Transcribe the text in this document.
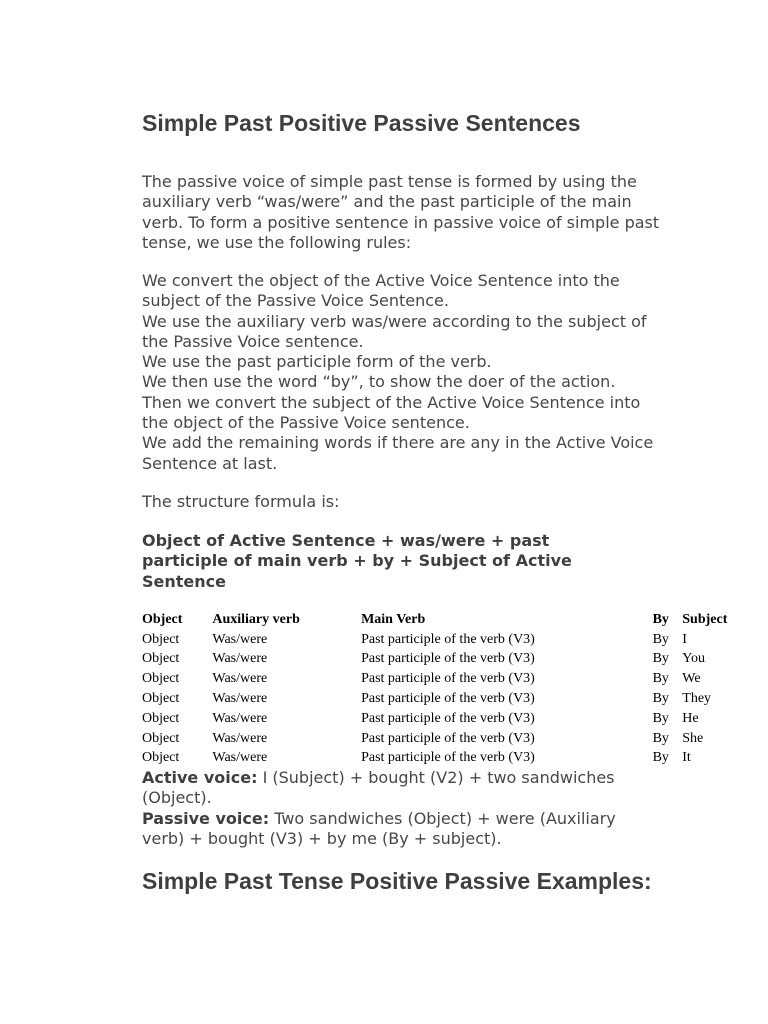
Simple Past Positive Passive Sentences

The passive voice of simple past tense is formed by using the auxiliary verb “was/were” and the past participle of the main verb. To form a positive sentence in passive voice of simple past tense, we use the following rules:

We convert the object of the Active Voice Sentence into the subject of the Passive Voice Sentence.
We use the auxiliary verb was/were according to the subject of the Passive Voice sentence.
We use the past participle form of the verb.
We then use the word “by”, to show the doer of the action.
Then we convert the subject of the Active Voice Sentence into the object of the Passive Voice sentence.
We add the remaining words if there are any in the Active Voice Sentence at last.

The structure formula is:

Object of Active Sentence + was/were + past participle of main verb + by + Subject of Active Sentence

Object	Auxiliary verb	Main Verb	By	Subject
Object	Was/were	Past participle of the verb (V3)	By	I
Object	Was/were	Past participle of the verb (V3)	By	You
Object	Was/were	Past participle of the verb (V3)	By	We
Object	Was/were	Past participle of the verb (V3)	By	They
Object	Was/were	Past participle of the verb (V3)	By	He
Object	Was/were	Past participle of the verb (V3)	By	She
Object	Was/were	Past participle of the verb (V3)	By	It

Active voice: I (Subject) + bought (V2) + two sandwiches (Object).

Passive voice: Two sandwiches (Object) + were (Auxiliary verb) + bought (V3) + by me (By + subject).

Simple Past Tense Positive Passive Examples:
